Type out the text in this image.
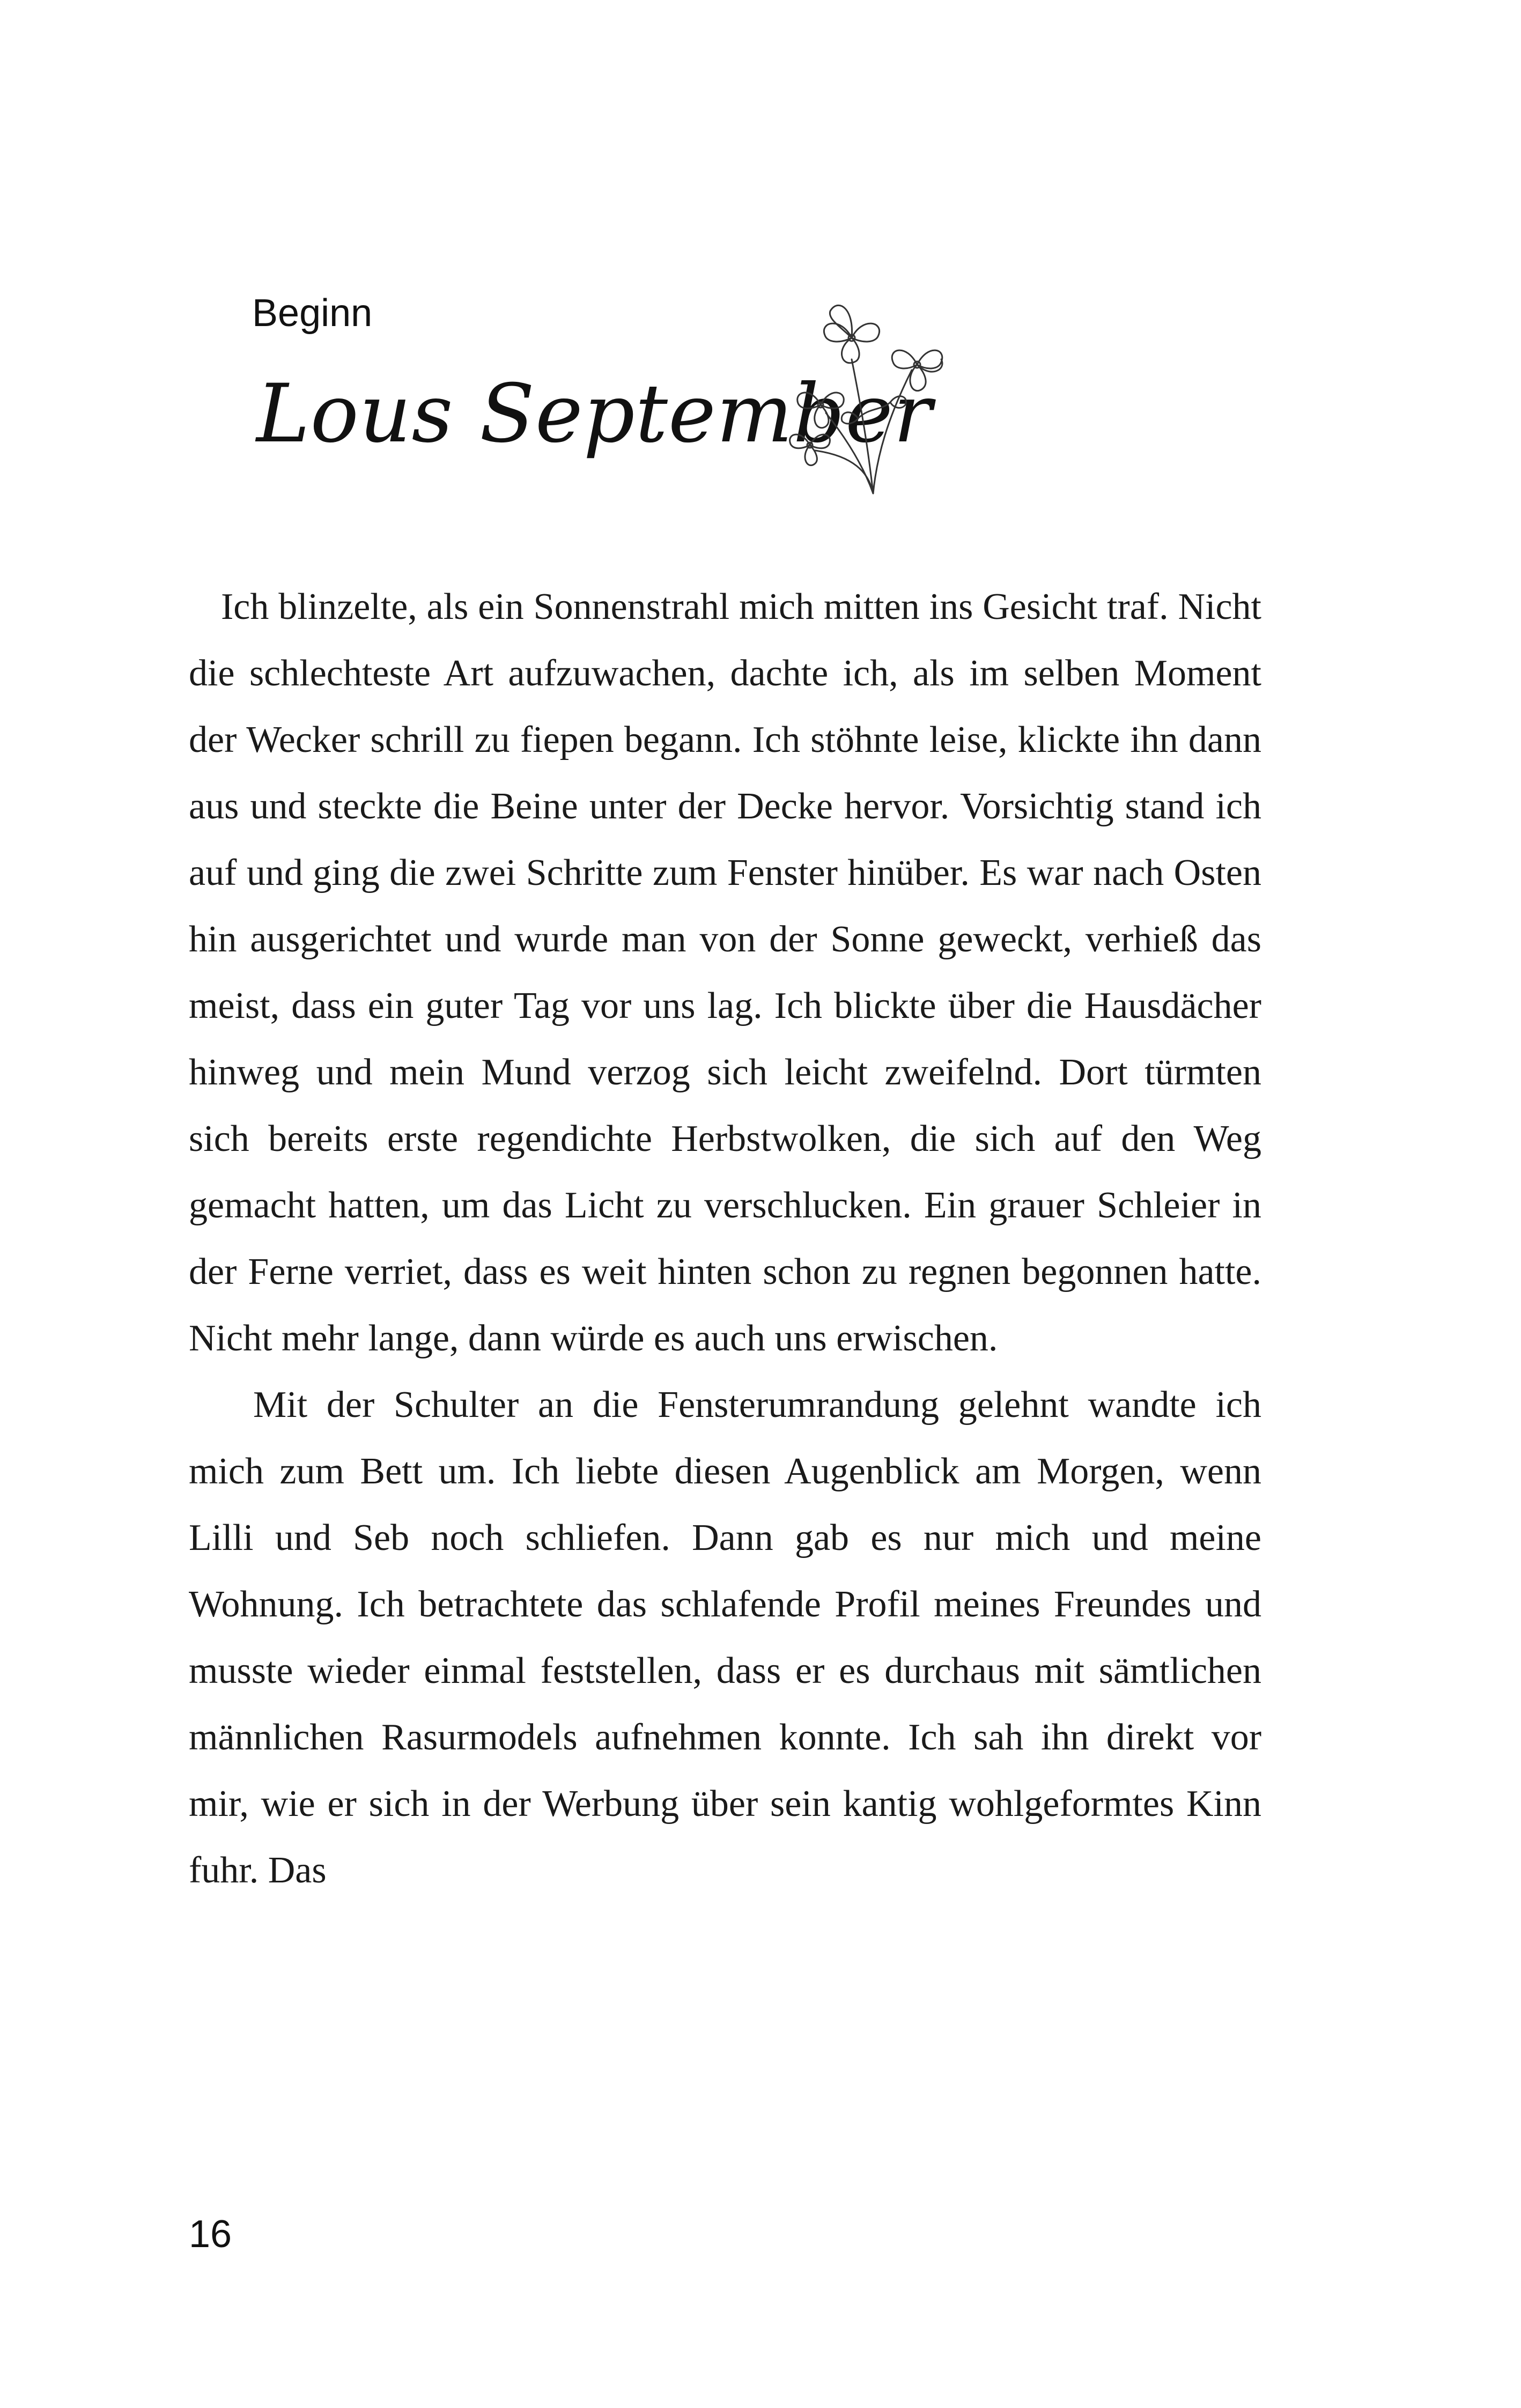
Beginn
Lous September

Ich blinzelte, als ein Sonnenstrahl mich mitten ins Gesicht traf. Nicht die schlechteste Art aufzuwachen, dachte ich, als im selben Moment der Wecker schrill zu fiepen begann. Ich stöhnte leise, klickte ihn dann aus und steckte die Beine unter der Decke hervor. Vorsichtig stand ich auf und ging die zwei Schritte zum Fenster hinüber. Es war nach Osten hin ausgerichtet und wurde man von der Sonne geweckt, verhieß das meist, dass ein guter Tag vor uns lag. Ich blickte über die Hausdächer hinweg und mein Mund verzog sich leicht zweifelnd. Dort türmten sich bereits erste regendichte Herbstwolken, die sich auf den Weg gemacht hatten, um das Licht zu verschlucken. Ein grauer Schleier in der Ferne verriet, dass es weit hinten schon zu regnen begonnen hatte. Nicht mehr lange, dann würde es auch uns erwischen.

Mit der Schulter an die Fensterumrandung gelehnt wandte ich mich zum Bett um. Ich liebte diesen Augenblick am Morgen, wenn Lilli und Seb noch schliefen. Dann gab es nur mich und meine Wohnung. Ich betrachtete das schlafende Profil meines Freundes und musste wieder einmal feststellen, dass er es durchaus mit sämtlichen männlichen Rasurmodels aufnehmen konnte. Ich sah ihn direkt vor mir, wie er sich in der Werbung über sein kantig wohlgeformtes Kinn fuhr. Das

16
